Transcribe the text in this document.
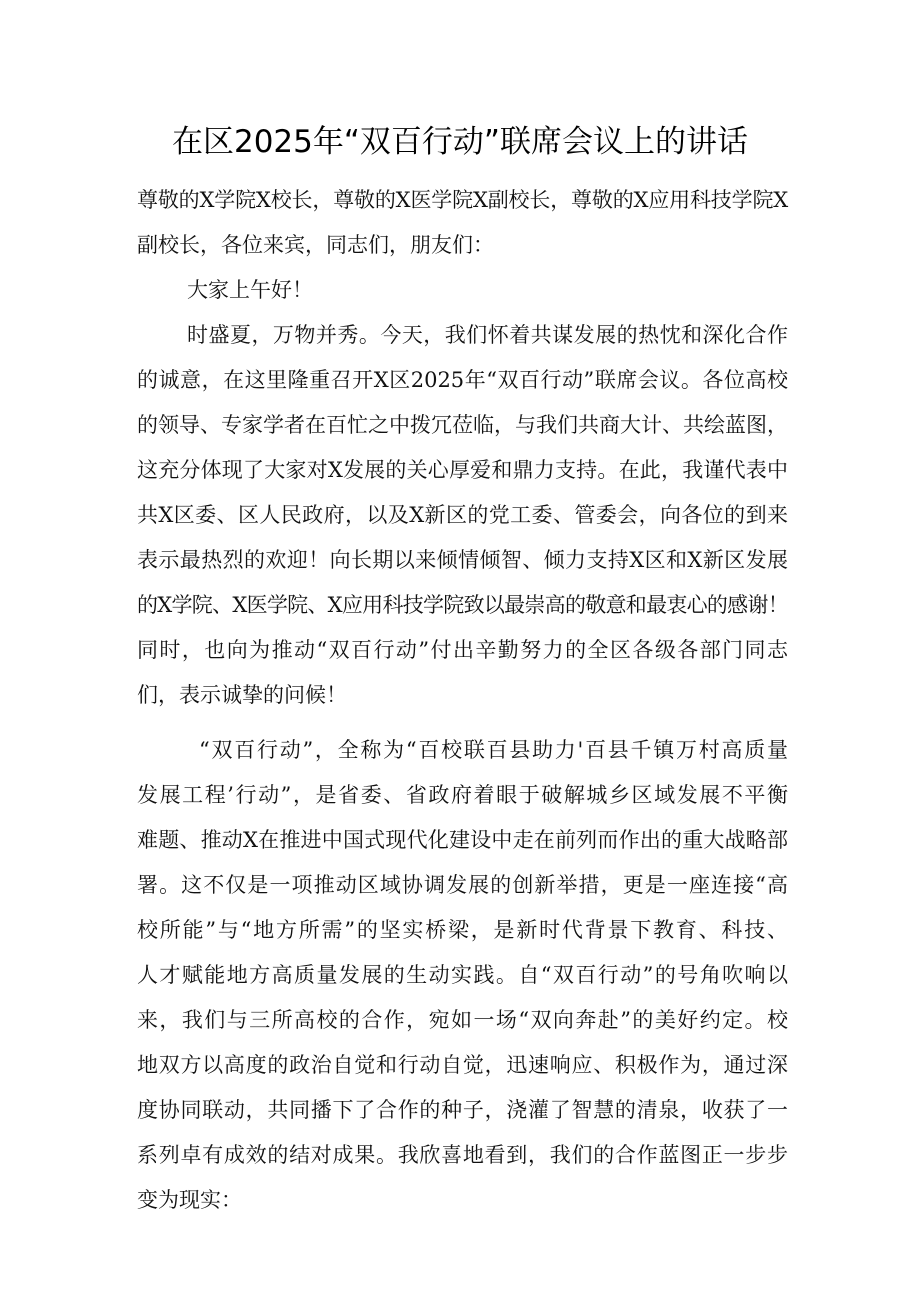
在区2025年“双百行动”联席会议上的讲话
尊敬的X学院X校长，尊敬的X医学院X副校长，尊敬的X应用科技学院X
副校长，各位来宾，同志们，朋友们：
大家上午好！
时盛夏，万物并秀。今天，我们怀着共谋发展的热忱和深化合作
的诚意，在这里隆重召开X区2025年“双百行动”联席会议。各位高校
的领导、专家学者在百忙之中拨冗莅临，与我们共商大计、共绘蓝图，
这充分体现了大家对X发展的关心厚爱和鼎力支持。在此，我谨代表中
共X区委、区人民政府，以及X新区的党工委、管委会，向各位的到来
表示最热烈的欢迎！向长期以来倾情倾智、倾力支持X区和X新区发展
的X学院、X医学院、X应用科技学院致以最崇高的敬意和最衷心的感谢！
同时，也向为推动“双百行动”付出辛勤努力的全区各级各部门同志
们，表示诚挚的问候！
“双百行动”，全称为“百校联百县助力'百县千镇万村高质量
发展工程’行动”，是省委、省政府着眼于破解城乡区域发展不平衡
难题、推动X在推进中国式现代化建设中走在前列而作出的重大战略部
署。这不仅是一项推动区域协调发展的创新举措，更是一座连接“高
校所能”与“地方所需”的坚实桥梁，是新时代背景下教育、科技、
人才赋能地方高质量发展的生动实践。自“双百行动”的号角吹响以
来，我们与三所高校的合作，宛如一场“双向奔赴”的美好约定。校
地双方以高度的政治自觉和行动自觉，迅速响应、积极作为，通过深
度协同联动，共同播下了合作的种子，浇灌了智慧的清泉，收获了一
系列卓有成效的结对成果。我欣喜地看到，我们的合作蓝图正一步步
变为现实：
